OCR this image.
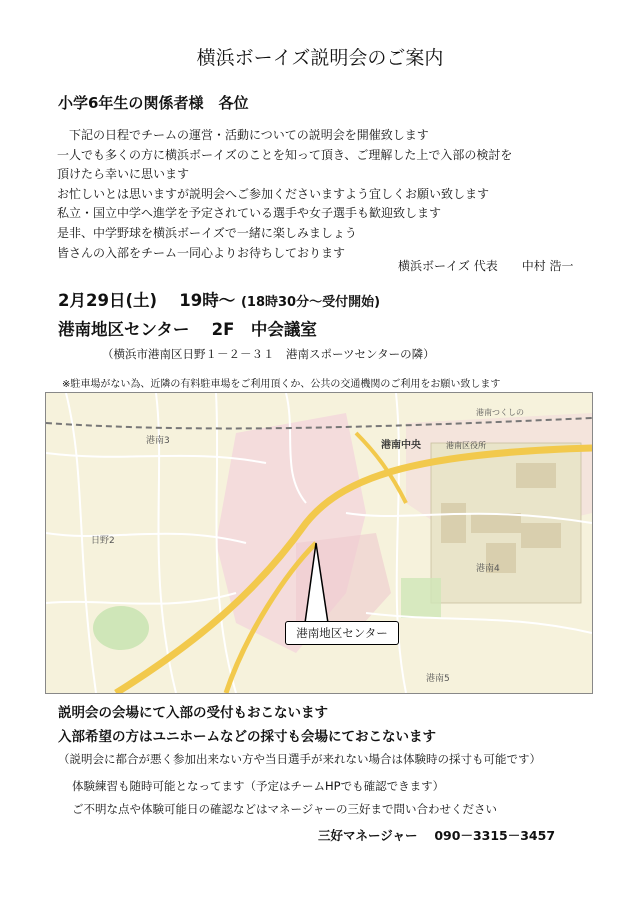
横浜ボーイズ説明会のご案内
小学6年生の関係者様　各位
　下記の日程でチームの運営・活動についての説明会を開催致します
一人でも多くの方に横浜ボーイズのことを知って頂き、ご理解した上で入部の検討を
頂けたら幸いに思います
お忙しいとは思いますが説明会へご参加くださいますよう宜しくお願い致します
私立・国立中学へ進学を予定されている選手や女子選手も歓迎致します
是非、中学野球を横浜ボーイズで一緒に楽しみましょう
皆さんの入部をチーム一同心よりお待ちしております
横浜ボーイズ 代表　　中村 浩一
2月29日(土)　 19時～ (18時30分～受付開始)
港南地区センター　 2F　中会議室
（横浜市港南区日野１－２－３１　港南スポーツセンターの隣）
※駐車場がない為、近隣の有料駐車場をご利用頂くか、公共の交通機関のご利用をお願い致します
港南中央	港南区役所
日野2
港南3
港南4
港南5
港南つくしの
港南地区センター
説明会の会場にて入部の受付もおこないます
入部希望の方はユニホームなどの採寸も会場にておこないます
（説明会に都合が悪く参加出来ない方や当日選手が来れない場合は体験時の採寸も可能です）
体験練習も随時可能となってます（予定はチームHPでも確認できます）
ご不明な点や体験可能日の確認などはマネージャーの三好まで問い合わせください
三好マネージャー　 090－3315－3457
